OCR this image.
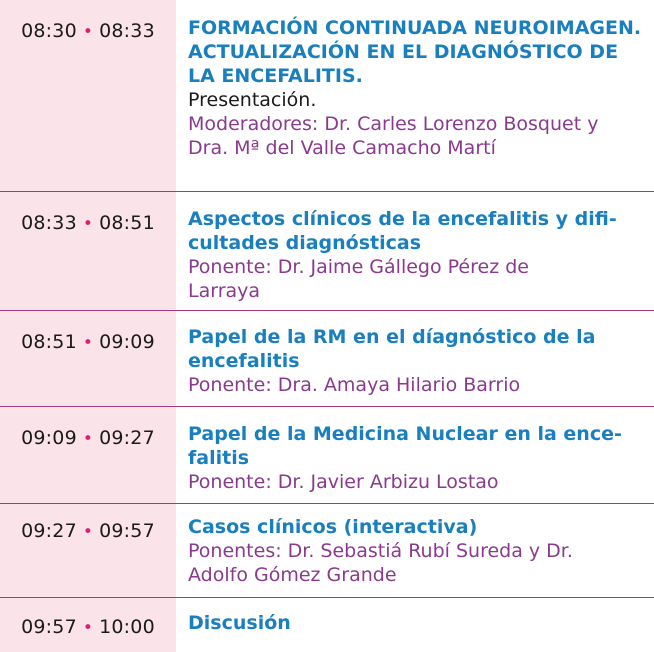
08:30 • 08:33	FORMACIÓN CONTINUADA NEUROIMAGEN.
ACTUALIZACIÓN EN EL DIAGNÓSTICO DE
LA ENCEFALITIS.
Presentación.
Moderadores: Dr. Carles Lorenzo Bosquet y
Dra. Mª del Valle Camacho Martí
08:33 • 08:51	Aspectos clínicos de la encefalitis y difi-
cultades diagnósticas
Ponente: Dr. Jaime Gállego Pérez de
Larraya
08:51 • 09:09	Papel de la RM en el díagnóstico de la
encefalitis
Ponente: Dra. Amaya Hilario Barrio
09:09 • 09:27	Papel de la Medicina Nuclear en la ence-
falitis
Ponente: Dr. Javier Arbizu Lostao
09:27 • 09:57	Casos clínicos (interactiva)
Ponentes: Dr. Sebastiá Rubí Sureda y Dr.
Adolfo Gómez Grande
09:57 • 10:00	Discusión
